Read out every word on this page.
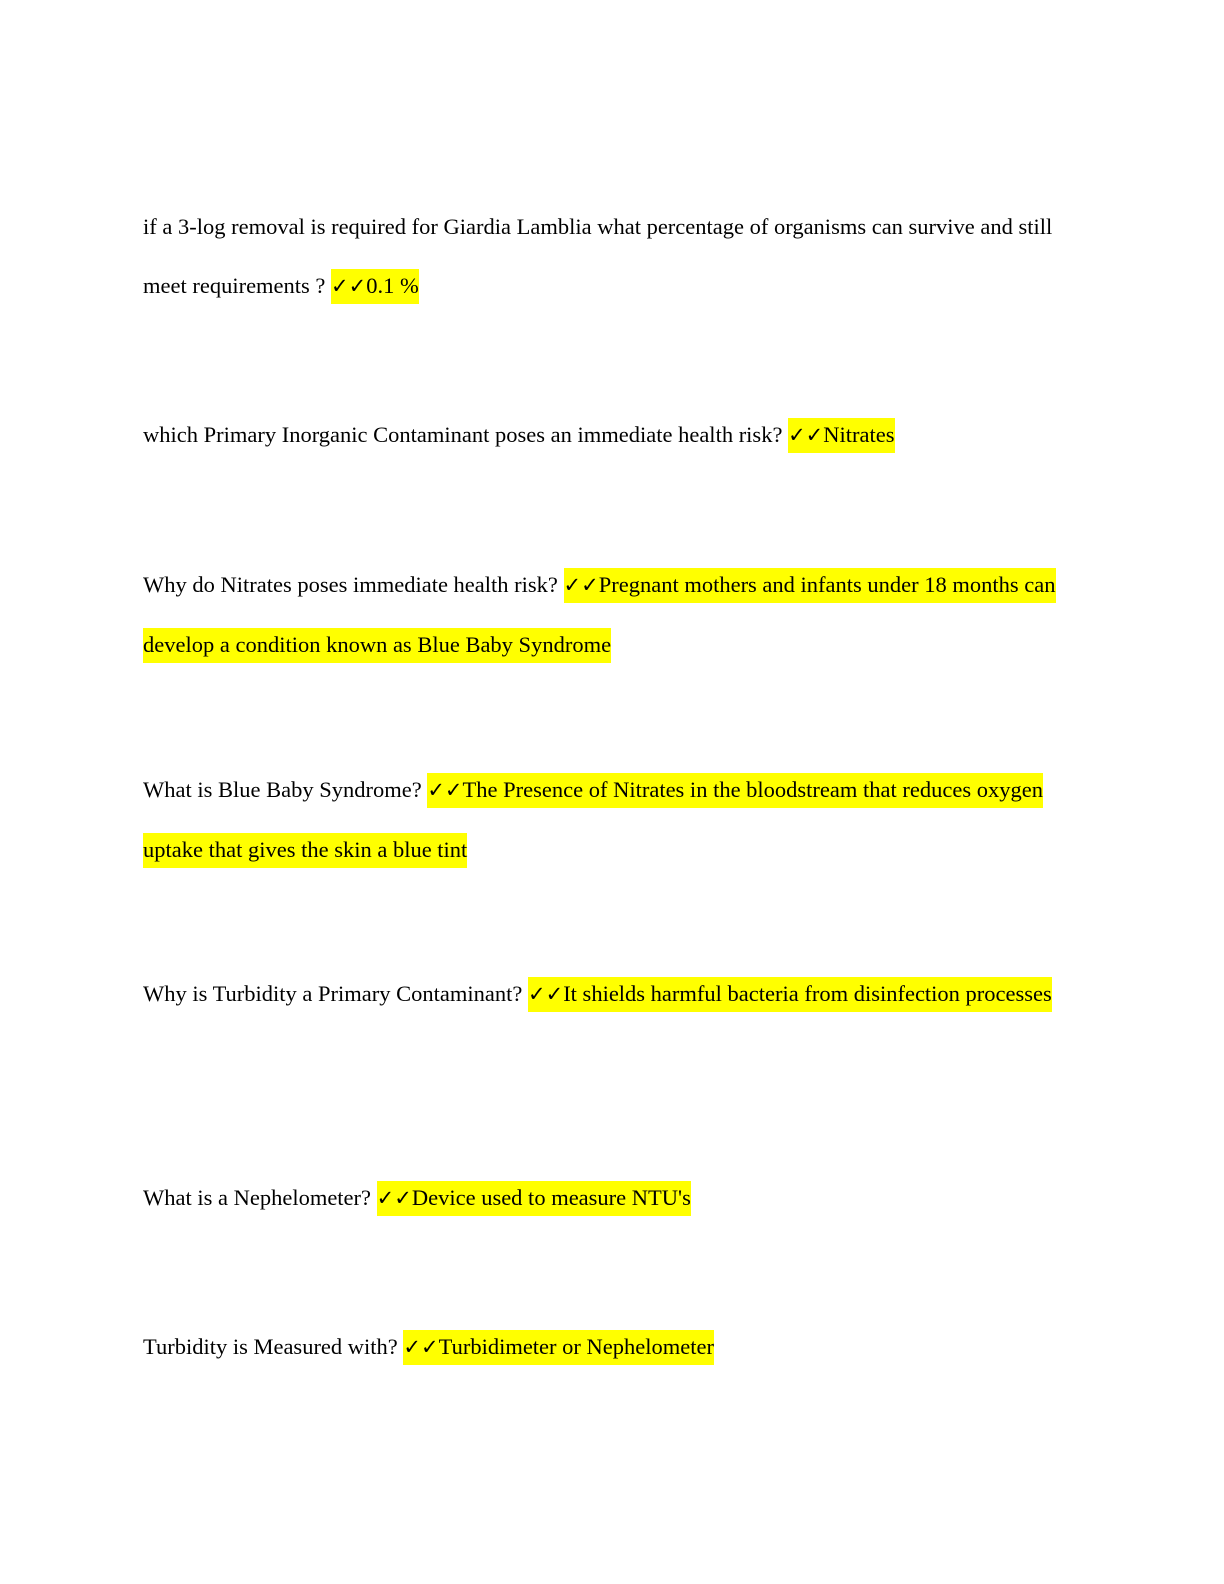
if a 3-log removal is required for Giardia Lamblia what percentage of organisms can survive and still meet requirements ? ✓✓0.1 %

which Primary Inorganic Contaminant poses an immediate health risk? ✓✓Nitrates

Why do Nitrates poses immediate health risk? ✓✓Pregnant mothers and infants under 18 months can develop a condition known as Blue Baby Syndrome

What is Blue Baby Syndrome? ✓✓The Presence of Nitrates in the bloodstream that reduces oxygen uptake that gives the skin a blue tint

Why is Turbidity a Primary Contaminant? ✓✓It shields harmful bacteria from disinfection processes

What is a Nephelometer? ✓✓Device used to measure NTU's

Turbidity is Measured with? ✓✓Turbidimeter or Nephelometer
